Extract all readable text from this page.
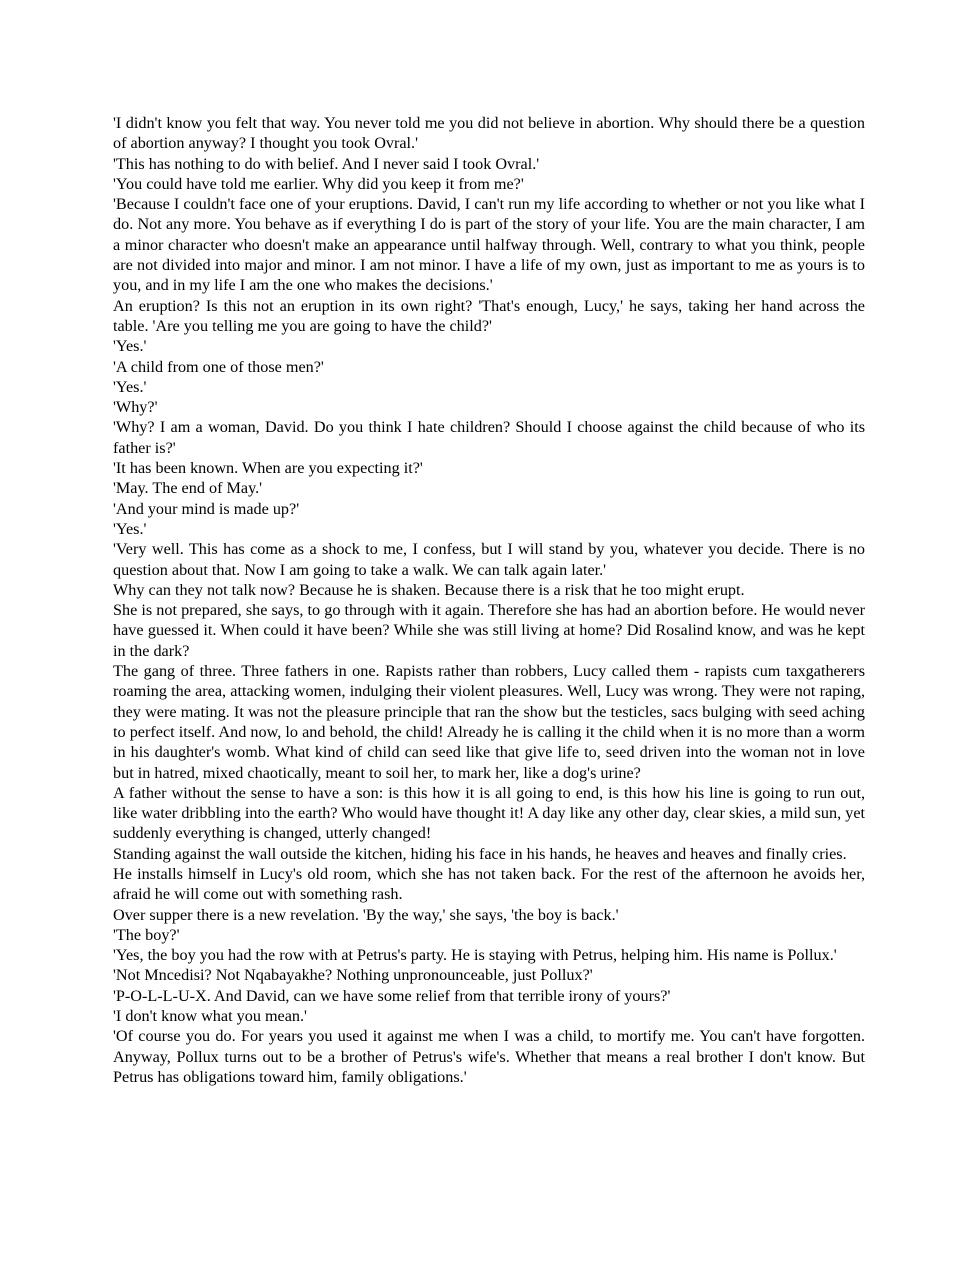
'I didn't know you felt that way. You never told me you did not believe in abortion. Why should there be a question of abortion anyway? I thought you took Ovral.'

'This has nothing to do with belief. And I never said I took Ovral.'

'You could have told me earlier. Why did you keep it from me?'

'Because I couldn't face one of your eruptions. David, I can't run my life according to whether or not you like what I do. Not any more. You behave as if everything I do is part of the story of your life. You are the main character, I am a minor character who doesn't make an appearance until halfway through. Well, contrary to what you think, people are not divided into major and minor. I am not minor. I have a life of my own, just as important to me as yours is to you, and in my life I am the one who makes the decisions.'

An eruption? Is this not an eruption in its own right? 'That's enough, Lucy,' he says, taking her hand across the table. 'Are you telling me you are going to have the child?'

'Yes.'

'A child from one of those men?'

'Yes.'

'Why?'

'Why? I am a woman, David. Do you think I hate children? Should I choose against the child because of who its father is?'

'It has been known. When are you expecting it?'

'May. The end of May.'

'And your mind is made up?'

'Yes.'

'Very well. This has come as a shock to me, I confess, but I will stand by you, whatever you decide. There is no question about that. Now I am going to take a walk. We can talk again later.'

Why can they not talk now? Because he is shaken. Because there is a risk that he too might erupt.

She is not prepared, she says, to go through with it again. Therefore she has had an abortion before. He would never have guessed it. When could it have been? While she was still living at home? Did Rosalind know, and was he kept in the dark?

The gang of three. Three fathers in one. Rapists rather than robbers, Lucy called them - rapists cum taxgatherers roaming the area, attacking women, indulging their violent pleasures. Well, Lucy was wrong. They were not raping, they were mating. It was not the pleasure principle that ran the show but the testicles, sacs bulging with seed aching to perfect itself. And now, lo and behold, the child! Already he is calling it the child when it is no more than a worm in his daughter's womb. What kind of child can seed like that give life to, seed driven into the woman not in love but in hatred, mixed chaotically, meant to soil her, to mark her, like a dog's urine?

A father without the sense to have a son: is this how it is all going to end, is this how his line is going to run out, like water dribbling into the earth? Who would have thought it! A day like any other day, clear skies, a mild sun, yet suddenly everything is changed, utterly changed!

Standing against the wall outside the kitchen, hiding his face in his hands, he heaves and heaves and finally cries.

He installs himself in Lucy's old room, which she has not taken back. For the rest of the afternoon he avoids her, afraid he will come out with something rash.

Over supper there is a new revelation. 'By the way,' she says, 'the boy is back.'

'The boy?'

'Yes, the boy you had the row with at Petrus's party. He is staying with Petrus, helping him. His name is Pollux.'

'Not Mncedisi? Not Nqabayakhe? Nothing unpronounceable, just Pollux?'

'P-O-L-L-U-X. And David, can we have some relief from that terrible irony of yours?'

'I don't know what you mean.'

'Of course you do. For years you used it against me when I was a child, to mortify me. You can't have forgotten. Anyway, Pollux turns out to be a brother of Petrus's wife's. Whether that means a real brother I don't know. But Petrus has obligations toward him, family obligations.'
